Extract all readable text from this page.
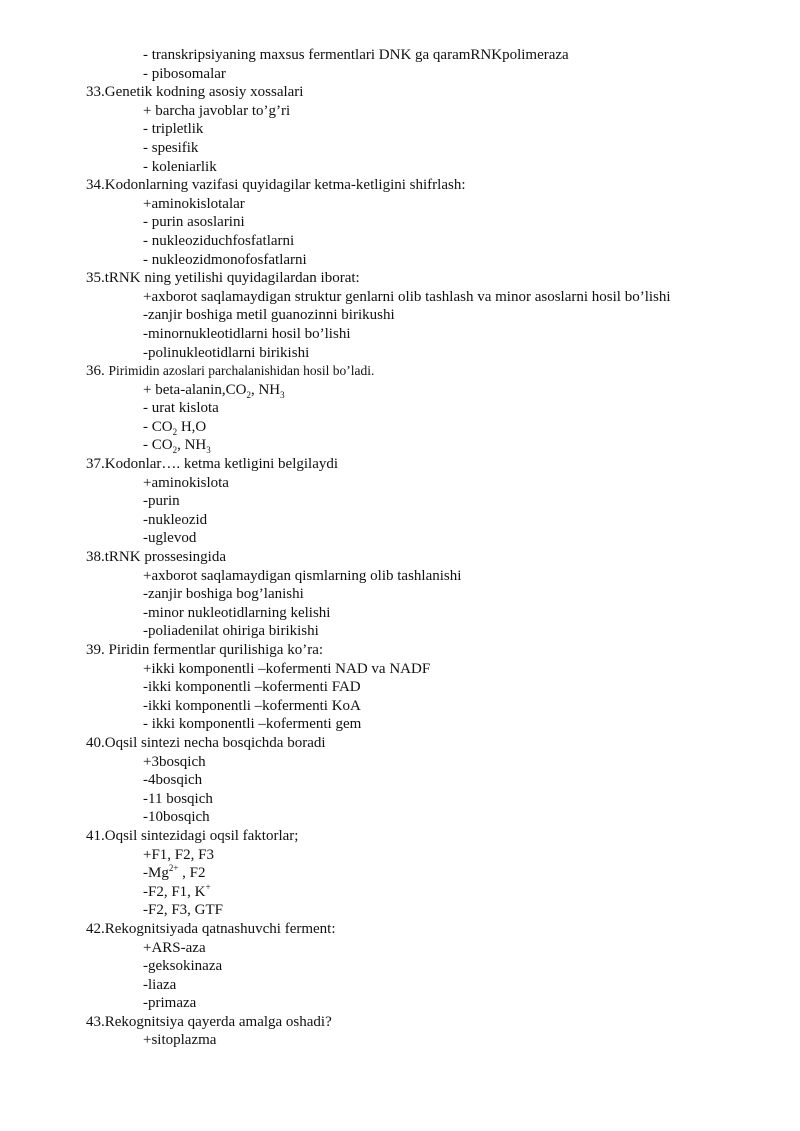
- transkripsiyaning maxsus fermentlari DNK ga qaramRNKpolimeraza
- pibosomalar
33.Genetik kodning asosiy xossalari
+ barcha javoblar to’g’ri
- tripletlik
- spesifik
- koleniarlik
34.Kodonlarning vazifasi quyidagilar ketma-ketligini shifrlash:
+aminokislotalar
- purin asoslarini
- nukleoziduchfosfatlarni
- nukleozidmonofosfatlarni
35.tRNK ning yetilishi quyidagilardan iborat:
+axborot saqlamaydigan struktur genlarni olib tashlash va minor asoslarni hosil bo’lishi
-zanjir boshiga metil guanozinni birikushi
-minornukleotidlarni hosil bo’lishi
-polinukleotidlarni birikishi
36. Pirimidin azoslari parchalanishidan hosil bo’ladi.
+ beta-$alanin,CO_2$, $NH_3$
- urat kislota
- $CO_2$ H,O
- $CO_2$, $NH_3$
37.Kodonlar…. ketma ketligini belgilaydi
+aminokislota
-purin
-nukleozid
-uglevod
38.tRNK prossesingida
+axborot saqlamaydigan qismlarning olib tashlanishi
-zanjir boshiga bog’lanishi
-minor nukleotidlarning kelishi
-poliadenilat ohiriga birikishi
39. Piridin fermentlar qurilishiga ko’ra:
+ikki komponentli –kofermenti NAD va NADF
-ikki komponentli –kofermenti FAD
-ikki komponentli –kofermenti KoA
- ikki komponentli –kofermenti gem
40.Oqsil sintezi necha bosqichda boradi
+3bosqich
-4bosqich
-11 bosqich
-10bosqich
41.Oqsil sintezidagi oqsil faktorlar;
+F1, F2, F3
$-Mg^{2+}$ , F2
-F2, F1, K+
-F2, F3, GTF
42.Rekognitsiyada qatnashuvchi ferment:
+ARS-aza
-geksokinaza
-liaza
-primaza
43.Rekognitsiya qayerda amalga oshadi?
+sitoplazma
